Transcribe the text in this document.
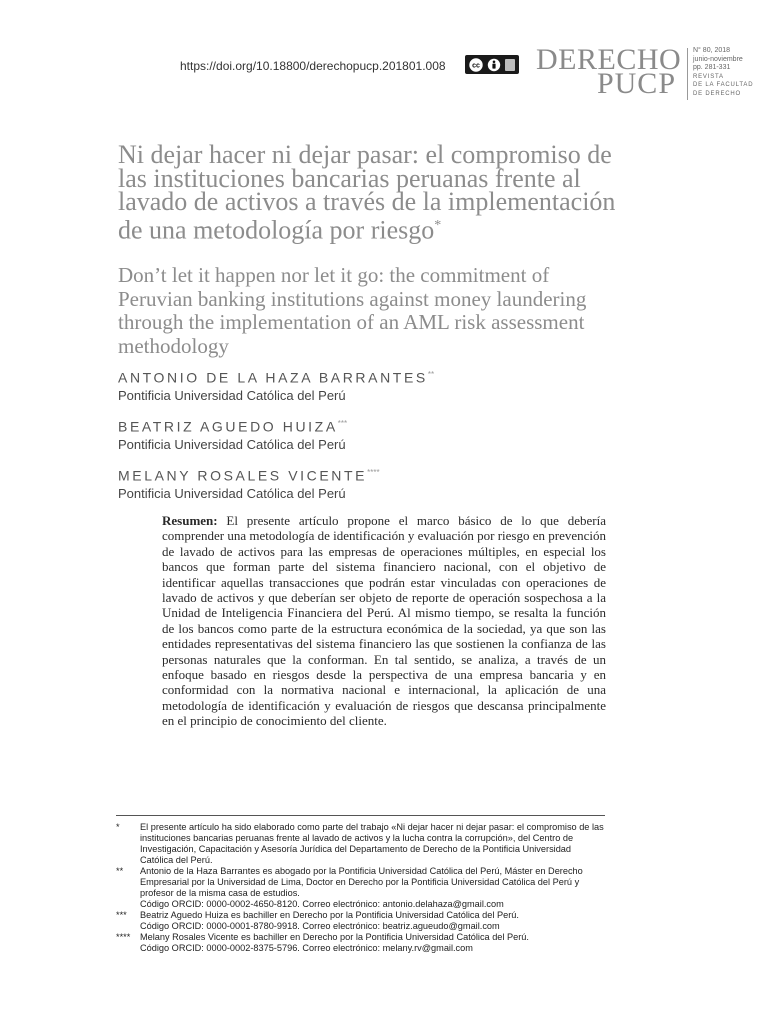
https://doi.org/10.18800/derechopucp.201801.008	cc DERECHO
PUCP
N° 80, 2018
junio-noviembre
pp. 281-331
REVISTA
DE LA FACULTAD
DE DERECHO
Ni dejar hacer ni dejar pasar: el compromiso de las instituciones bancarias peruanas frente al lavado de activos a través de la implementación de una metodología por riesgo*
Don’t let it happen nor let it go: the commitment of Peruvian banking institutions against money laundering through the implementation of an AML risk assessment methodology
ANTONIO DE LA HAZA BARRANTES**
Pontificia Universidad Católica del Perú
BEATRIZ AGUEDO HUIZA***
Pontificia Universidad Católica del Perú
MELANY ROSALES VICENTE****
Pontificia Universidad Católica del Perú
Resumen: El presente artículo propone el marco básico de lo que debería comprender una metodología de identificación y evaluación por riesgo en prevención de lavado de activos para las empresas de operaciones múltiples, en especial los bancos que forman parte del sistema financiero nacional, con el objetivo de identificar aquellas transacciones que podrán estar vinculadas con operaciones de lavado de activos y que deberían ser objeto de reporte de operación sospechosa a la Unidad de Inteligencia Financiera del Perú. Al mismo tiempo, se resalta la función de los bancos como parte de la estructura económica de la sociedad, ya que son las entidades representativas del sistema financiero las que sostienen la confianza de las personas naturales que la conforman. En tal sentido, se analiza, a través de un enfoque basado en riesgos desde la perspectiva de una empresa bancaria y en conformidad con la normativa nacional e internacional, la aplicación de una metodología de identificación y evaluación de riesgos que descansa principalmente en el principio de conocimiento del cliente.
*	El presente artículo ha sido elaborado como parte del trabajo «Ni dejar hacer ni dejar pasar: el compromiso de las instituciones bancarias peruanas frente al lavado de activos y la lucha contra la corrupción», del Centro de Investigación, Capacitación y Asesoría Jurídica del Departamento de Derecho de la Pontificia Universidad Católica del Perú.
**	Antonio de la Haza Barrantes es abogado por la Pontificia Universidad Católica del Perú, Máster en Derecho Empresarial por la Universidad de Lima, Doctor en Derecho por la Pontificia Universidad Católica del Perú y profesor de la misma casa de estudios.
Código ORCID: 0000-0002-4650-8120. Correo electrónico: antonio.delahaza@gmail.com
***	Beatriz Aguedo Huiza es bachiller en Derecho por la Pontificia Universidad Católica del Perú.
Código ORCID: 0000-0001-8780-9918. Correo electrónico: beatriz.agueudo@gmail.com
****	Melany Rosales Vicente es bachiller en Derecho por la Pontificia Universidad Católica del Perú.
Código ORCID: 0000-0002-8375-5796. Correo electrónico: melany.rv@gmail.com
